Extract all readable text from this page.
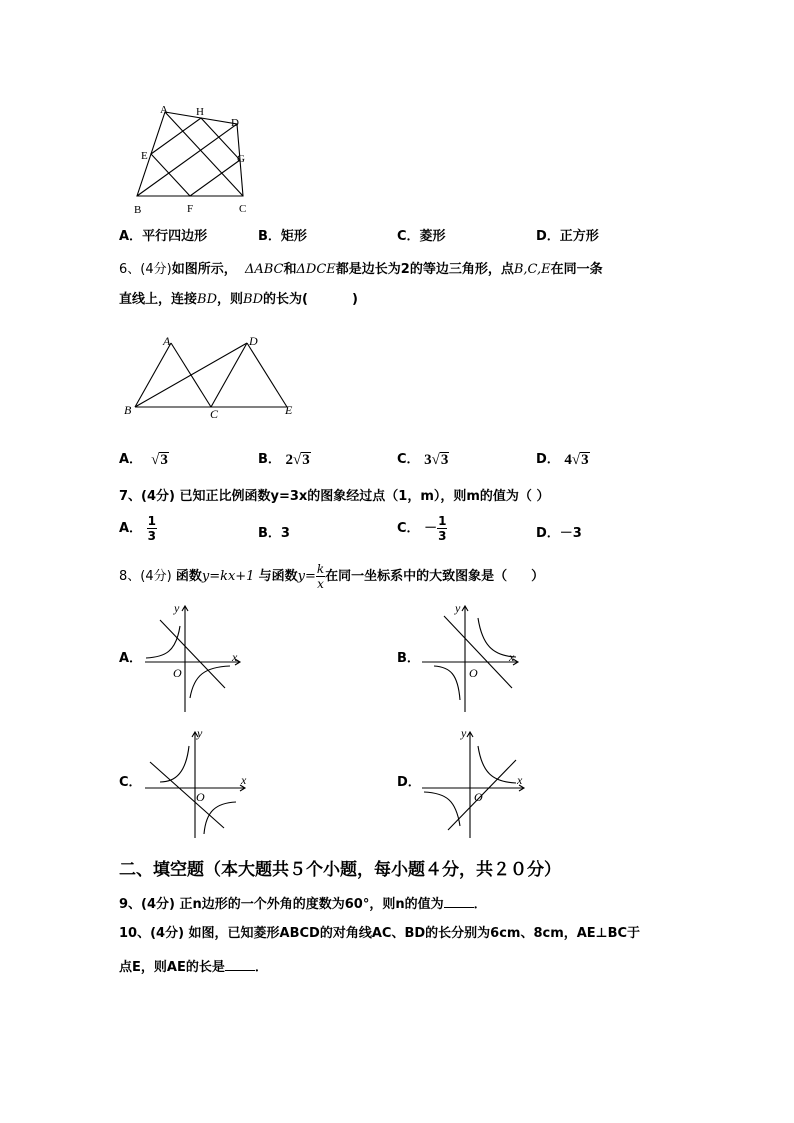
A	H
D
E	G
B	F	C
A．平行四边形	B．矩形	C．菱形	D．正方形
6、(4分)如图所示， ΔABC和ΔDCE都是边长为2的等边三角形，点B,C,E在同一条
直线上，连接BD，则BD的长为(	)
A	D
B	C	E
A．
√ 3	B．
2 √ 3	C．
3 √ 3	D．
4 √ 3
7、(4分) 已知正比例函数y=3x的图象经过点（1，m），则m的值为（ ）
A．
$\frac{1}{3}$	B．3	C．
－ $\frac{1}{3}$	D．－3
8、(4分)
函数 y=kx+1
与函数 $y= \frac{k}{x}$ 在同一坐标系中的大致图象是（ ）
A．
y
x
O
B．
y
x
O
C．
y
x
O
D．
y
x
O
二、填空题（本大题共５个小题，每小题４分，共２０分）
9、(4分) 正n边形的一个外角的度数为60°，则n的值为 ．
10、(4分) 如图，已知菱形ABCD的对角线AC、BD的长分别为6cm、8cm，AE⊥BC于
点E，则AE的长是 ．
